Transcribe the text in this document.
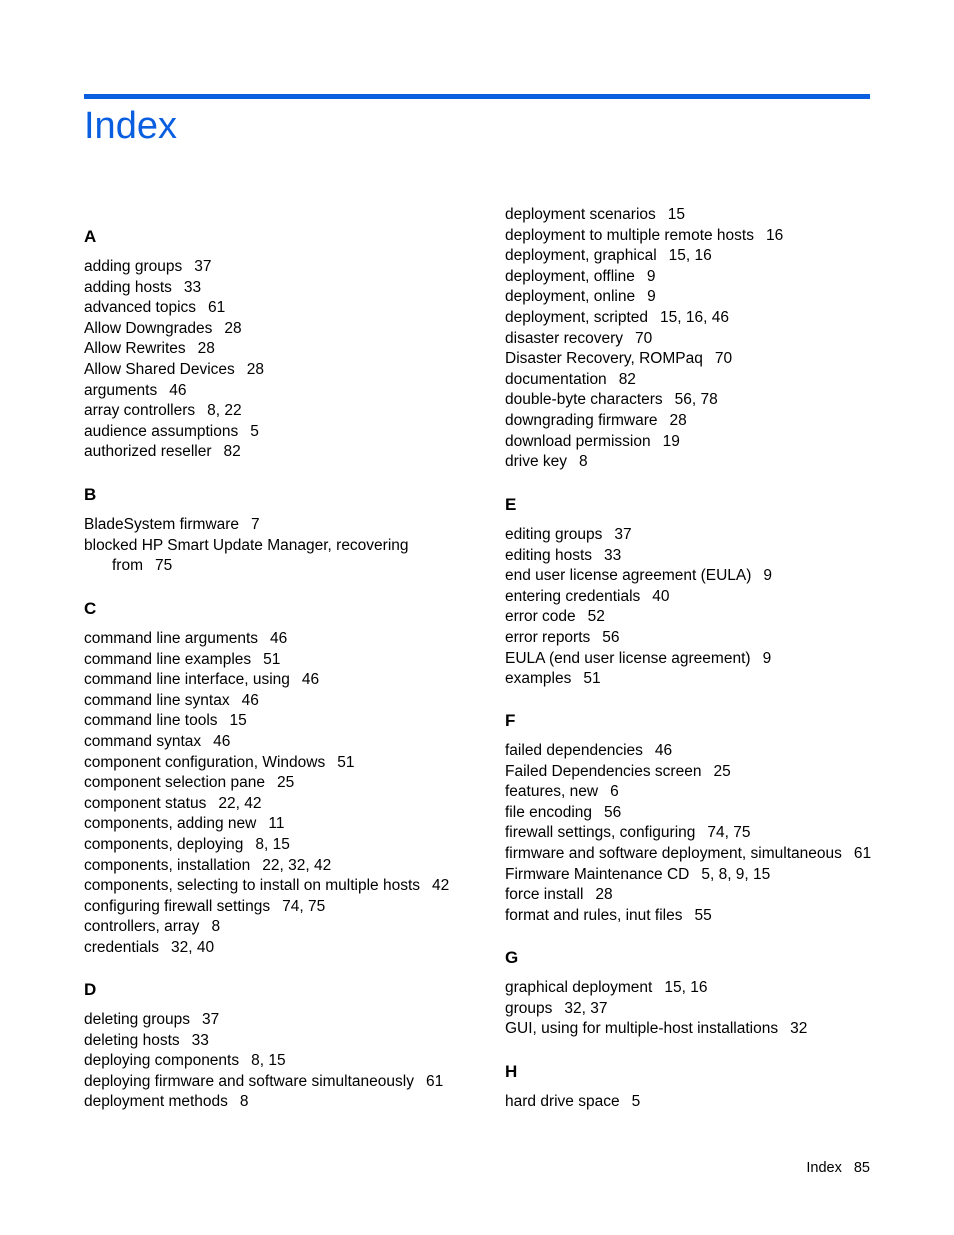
Index
A
adding groups 37
adding hosts 33
advanced topics 61
Allow Downgrades 28
Allow Rewrites 28
Allow Shared Devices 28
arguments 46
array controllers 8, 22
audience assumptions 5
authorized reseller 82
B
BladeSystem firmware 7
blocked HP Smart Update Manager, recovering from 75
C
command line arguments 46
command line examples 51
command line interface, using 46
command line syntax 46
command line tools 15
command syntax 46
component configuration, Windows 51
component selection pane 25
component status 22, 42
components, adding new 11
components, deploying 8, 15
components, installation 22, 32, 42
components, selecting to install on multiple hosts 42
configuring firewall settings 74, 75
controllers, array 8
credentials 32, 40
D
deleting groups 37
deleting hosts 33
deploying components 8, 15
deploying firmware and software simultaneously 61
deployment methods 8
deployment scenarios 15
deployment to multiple remote hosts 16
deployment, graphical 15, 16
deployment, offline 9
deployment, online 9
deployment, scripted 15, 16, 46
disaster recovery 70
Disaster Recovery, ROMPaq 70
documentation 82
double-byte characters 56, 78
downgrading firmware 28
download permission 19
drive key 8
E
editing groups 37
editing hosts 33
end user license agreement (EULA) 9
entering credentials 40
error code 52
error reports 56
EULA (end user license agreement) 9
examples 51
F
failed dependencies 46
Failed Dependencies screen 25
features, new 6
file encoding 56
firewall settings, configuring 74, 75
firmware and software deployment, simultaneous 61
Firmware Maintenance CD 5, 8, 9, 15
force install 28
format and rules, inut files 55
G
graphical deployment 15, 16
groups 32, 37
GUI, using for multiple-host installations 32
H
hard drive space 5
Index 85
